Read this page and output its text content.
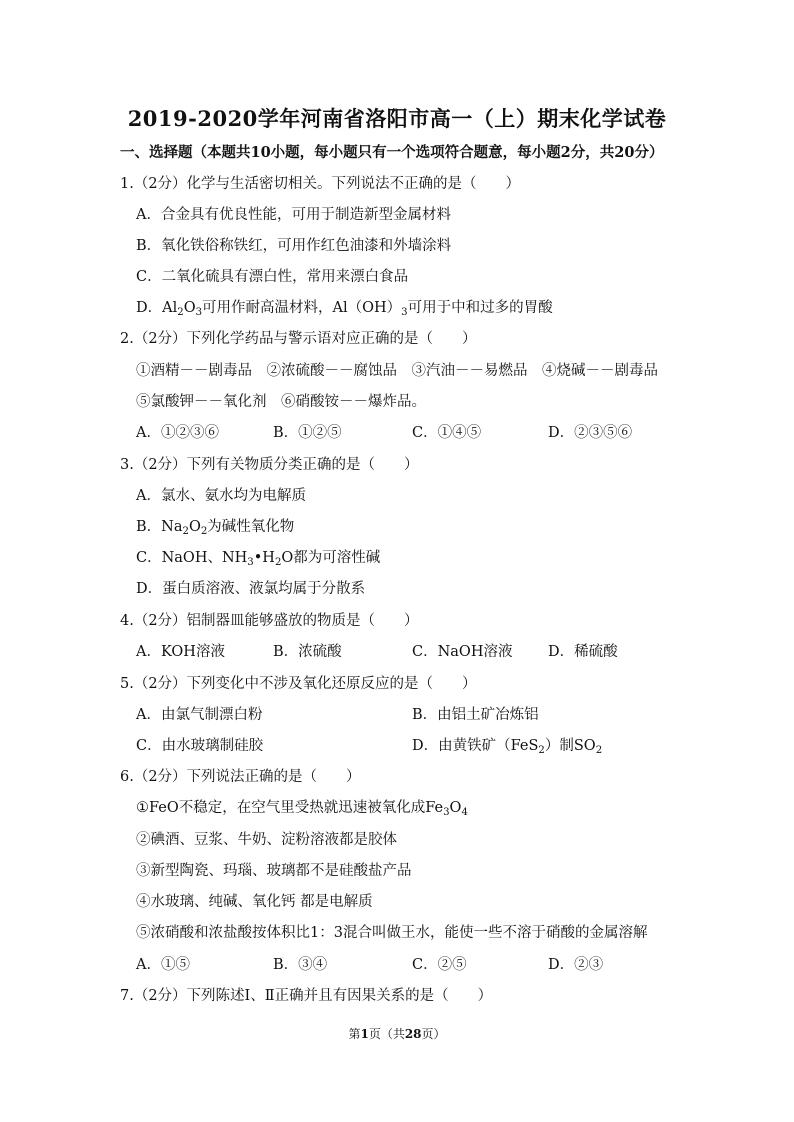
2019-2020学年河南省洛阳市高一（上）期末化学试卷
一、选择题（本题共10小题，每小题只有一个选项符合题意，每小题2分，共20分）
1.（2分）化学与生活密切相关。下列说法不正确的是（　　）
A．合金具有优良性能，可用于制造新型金属材料
B．氧化铁俗称铁红，可用作红色油漆和外墙涂料
C．二氧化硫具有漂白性，常用来漂白食品
D．$Al_2O_3$可用作耐高温材料，$Al(OH)_3$可用于中和过多的胃酸
2.（2分）下列化学药品与警示语对应正确的是（　　）
①酒精－－剧毒品　②浓硫酸－－腐蚀品　③汽油－－易燃品　④烧碱－－剧毒品
⑤氯酸钾－－氧化剂　⑥硝酸铵－－爆炸品。
A．①②③⑥	B．①②⑤	C．①④⑤	D．②③⑤⑥
3.（2分）下列有关物质分类正确的是（　　）
A．氯水、氨水均为电解质
B．$Na_2O_2$为碱性氧化物
C．NaOH、$NH_3•H_2O$都为可溶性碱
D．蛋白质溶液、液氯均属于分散系
4.（2分）铝制器皿能够盛放的物质是（　　）
A．KOH溶液	B．浓硫酸	C．NaOH溶液 D．稀硫酸
5.（2分）下列变化中不涉及氧化还原反应的是（　　）
A．由氯气制漂白粉	B．由铝土矿冶炼铝
C．由水玻璃制硅胶	D．由黄铁矿（FeS$_2$）制$SO_2$
6.（2分）下列说法正确的是（　　）
①FeO不稳定，在空气里受热就迅速被氧化成$Fe_3O_4$
②碘酒、豆浆、牛奶、淀粉溶液都是胶体
③新型陶瓷、玛瑙、玻璃都不是硅酸盐产品
④水玻璃、纯碱、氧化钙 都是电解质
⑤浓硝酸和浓盐酸按体积比1：3混合叫做王水，能使一些不溶于硝酸的金属溶解
A．①⑤	B．③④	C．②⑤	D．②③
7.（2分）下列陈述Ⅰ、Ⅱ正确并且有因果关系的是（　　）
第1页（共28页）
